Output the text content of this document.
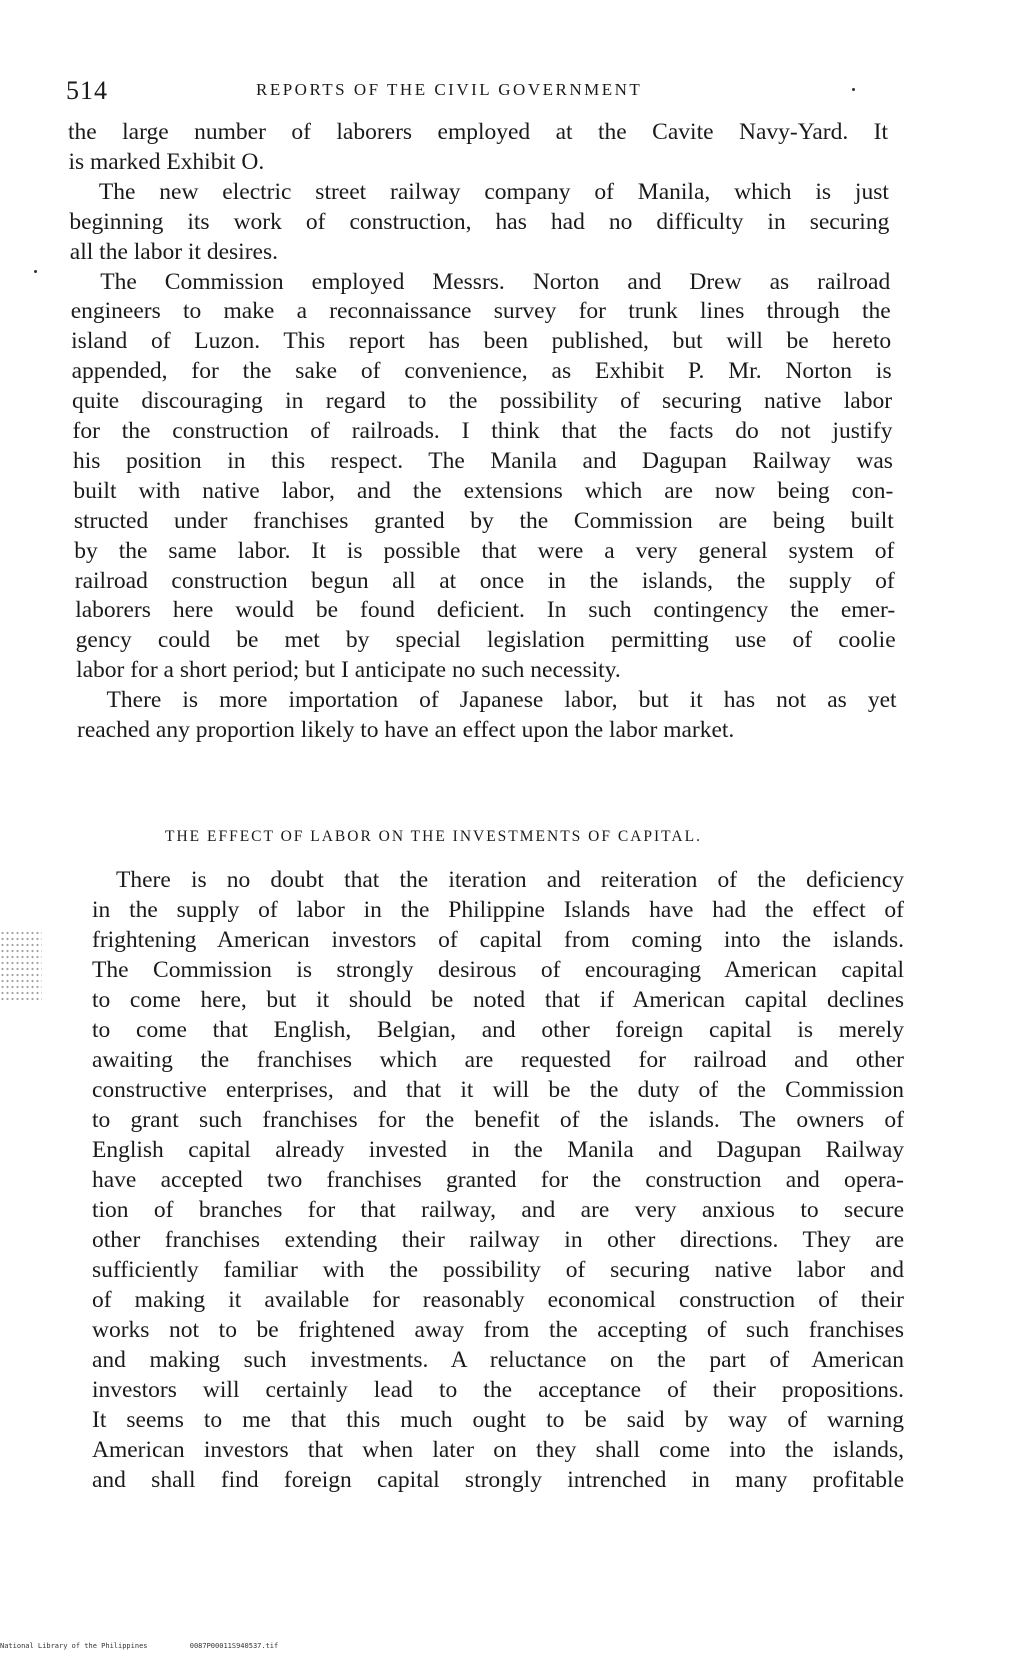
514	REPORTS OF THE CIVIL GOVERNMENT
the large number of laborers employed at the Cavite Navy-Yard. It
is marked Exhibit O.
The new electric street railway company of Manila, which is just
beginning its work of construction, has had no difficulty in securing
all the labor it desires.
The Commission employed Messrs. Norton and Drew as railroad
engineers to make a reconnaissance survey for trunk lines through the
island of Luzon. This report has been published, but will be hereto
appended, for the sake of convenience, as Exhibit P. Mr. Norton is
quite discouraging in regard to the possibility of securing native labor
for the construction of railroads. I think that the facts do not justify
his position in this respect. The Manila and Dagupan Railway was
built with native labor, and the extensions which are now being con-
structed under franchises granted by the Commission are being built
by the same labor. It is possible that were a very general system of
railroad construction begun all at once in the islands, the supply of
laborers here would be found deficient. In such contingency the emer-
gency could be met by special legislation permitting use of coolie
labor for a short period; but I anticipate no such necessity.
There is more importation of Japanese labor, but it has not as yet
reached any proportion likely to have an effect upon the labor market.
THE EFFECT OF LABOR ON THE INVESTMENTS OF CAPITAL.
There is no doubt that the iteration and reiteration of the deficiency
in the supply of labor in the Philippine Islands have had the effect of
frightening American investors of capital from coming into the islands.
The Commission is strongly desirous of encouraging American capital
to come here, but it should be noted that if American capital declines
to come that English, Belgian, and other foreign capital is merely
awaiting the franchises which are requested for railroad and other
constructive enterprises, and that it will be the duty of the Commission
to grant such franchises for the benefit of the islands. The owners of
English capital already invested in the Manila and Dagupan Railway
have accepted two franchises granted for the construction and opera-
tion of branches for that railway, and are very anxious to secure
other franchises extending their railway in other directions. They are
sufficiently familiar with the possibility of securing native labor and
of making it available for reasonably economical construction of their
works not to be frightened away from the accepting of such franchises
and making such investments. A reluctance on the part of American
investors will certainly lead to the acceptance of their propositions.
It seems to me that this much ought to be said by way of warning
American investors that when later on they shall come into the islands,
and shall find foreign capital strongly intrenched in many profitable
National Library of the Philippines	0087P00011S940537.tif
